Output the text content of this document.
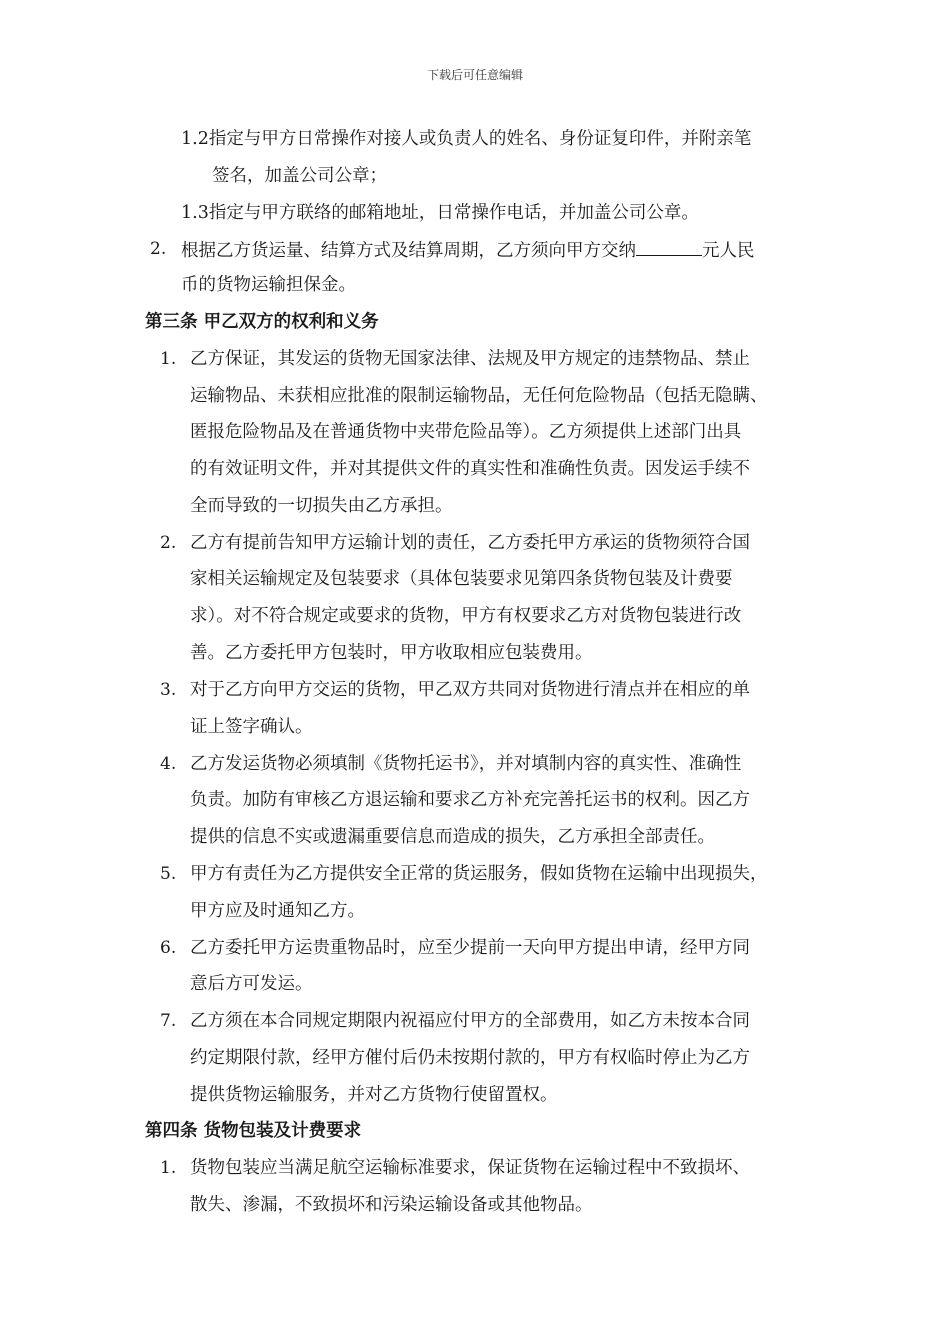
下载后可任意编辑
1.2指定与甲方日常操作对接人或负责人的姓名、身份证复印件，并附亲笔
签名，加盖公司公章；
1.3指定与甲方联络的邮箱地址，日常操作电话，并加盖公司公章。
2. 根据乙方货运量、结算方式及结算周期，乙方须向甲方交纳	元人民
币的货物运输担保金。
第三条 甲乙双方的权利和义务
1. 乙方保证，其发运的货物无国家法律、法规及甲方规定的违禁物品、禁止
运输物品、未获相应批准的限制运输物品，无任何危险物品（包括无隐瞒、
匿报危险物品及在普通货物中夹带危险品等）。乙方须提供上述部门出具
的有效证明文件，并对其提供文件的真实性和准确性负责。因发运手续不
全而导致的一切损失由乙方承担。
2. 乙方有提前告知甲方运输计划的责任，乙方委托甲方承运的货物须符合国
家相关运输规定及包装要求（具体包装要求见第四条货物包装及计费要
求）。对不符合规定或要求的货物，甲方有权要求乙方对货物包装进行改
善。乙方委托甲方包装时，甲方收取相应包装费用。
3. 对于乙方向甲方交运的货物，甲乙双方共同对货物进行清点并在相应的单
证上签字确认。
4. 乙方发运货物必须填制《货物托运书》，并对填制内容的真实性、准确性
负责。加防有审核乙方退运输和要求乙方补充完善托运书的权利。因乙方
提供的信息不实或遗漏重要信息而造成的损失，乙方承担全部责任。
5. 甲方有责任为乙方提供安全正常的货运服务，假如货物在运输中出现损失，
甲方应及时通知乙方。
6. 乙方委托甲方运贵重物品时，应至少提前一天向甲方提出申请，经甲方同
意后方可发运。
7. 乙方须在本合同规定期限内祝福应付甲方的全部费用，如乙方未按本合同
约定期限付款，经甲方催付后仍未按期付款的，甲方有权临时停止为乙方
提供货物运输服务，并对乙方货物行使留置权。
第四条 货物包装及计费要求
1. 货物包装应当满足航空运输标准要求，保证货物在运输过程中不致损坏、
散失、渗漏，不致损坏和污染运输设备或其他物品。
